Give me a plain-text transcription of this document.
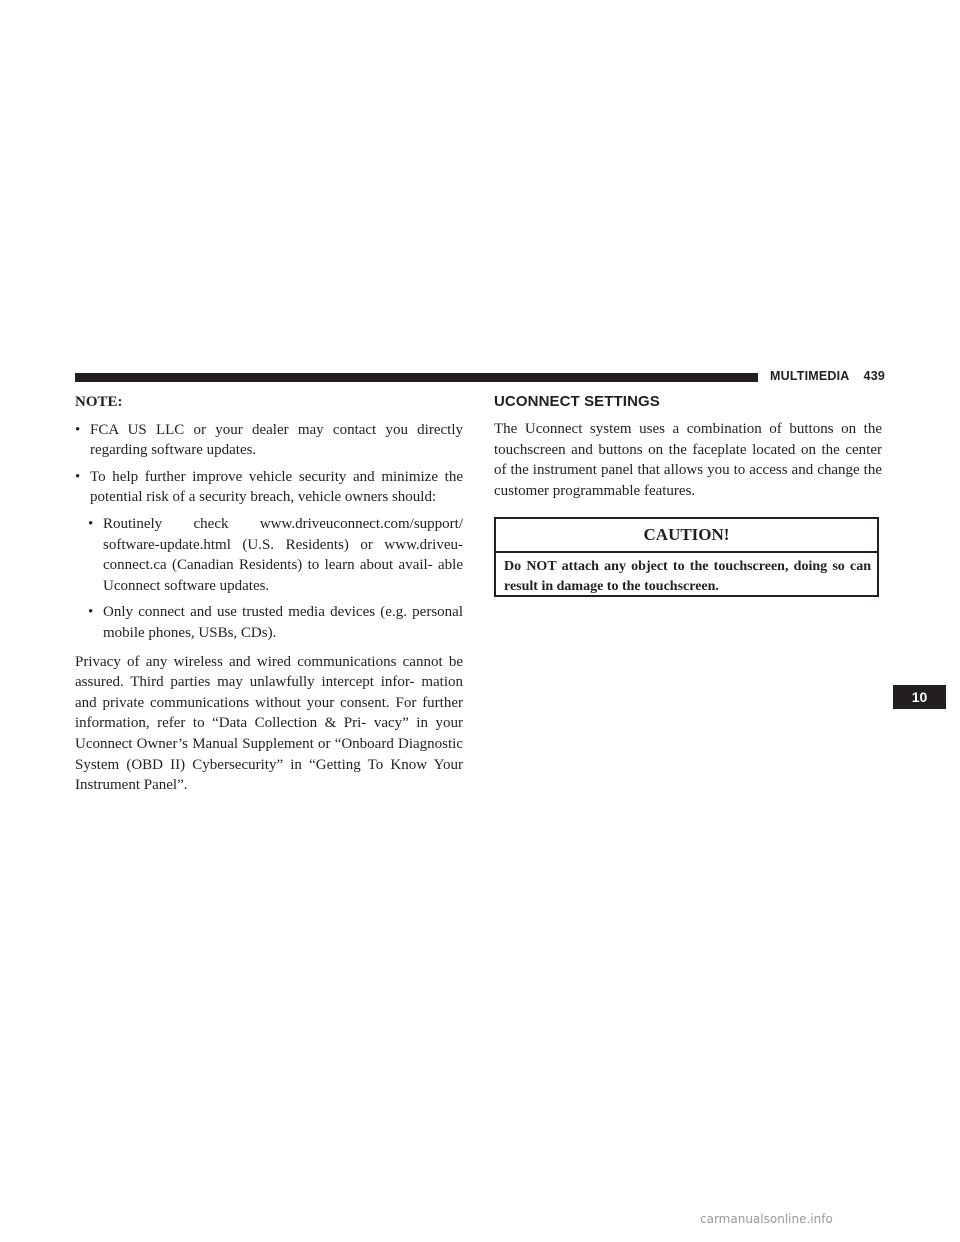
MULTIMEDIA 439
NOTE:
• FCA US LLC or your dealer may contact you directly regarding software updates.
• To help further improve vehicle security and minimize the potential risk of a security breach, vehicle owners should:
• Routinely check www.driveuconnect.com/support/ software-update.html (U.S. Residents) or www.driveu- connect.ca (Canadian Residents) to learn about avail- able Uconnect software updates.
• Only connect and use trusted media devices (e.g. personal mobile phones, USBs, CDs).

Privacy of any wireless and wired communications cannot be assured. Third parties may unlawfully intercept infor- mation and private communications without your consent. For further information, refer to “Data Collection & Pri- vacy” in your Uconnect Owner’s Manual Supplement or “Onboard Diagnostic System (OBD II) Cybersecurity” in “Getting To Know Your Instrument Panel”.

UCONNECT SETTINGS

The Uconnect system uses a combination of buttons on the touchscreen and buttons on the faceplate located on the center of the instrument panel that allows you to access and change the customer programmable features.

CAUTION!
Do NOT attach any object to the touchscreen, doing so can result in damage to the touchscreen.
10
carmanualsonline.info
